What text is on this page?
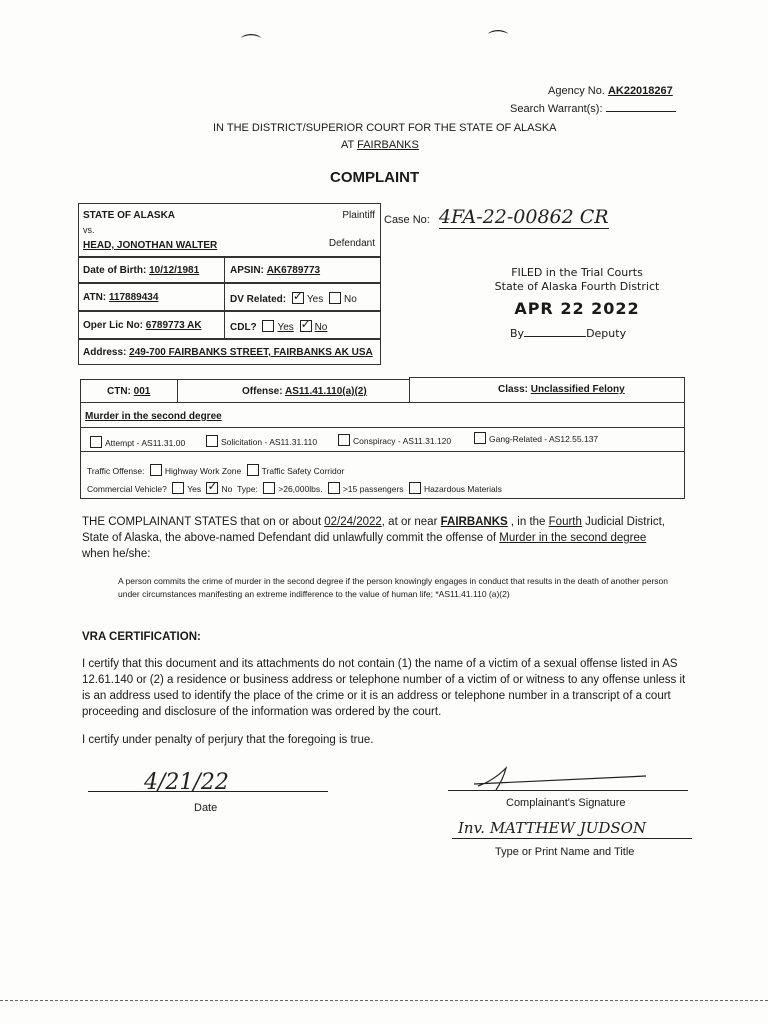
⌒	⌒
Agency No. AK22018267
Search Warrant(s):
IN THE DISTRICT/SUPERIOR COURT FOR THE STATE OF ALASKA
AT FAIRBANKS
COMPLAINT
STATE OF ALASKA	Plaintiff
vs.
HEAD, JONOTHAN WALTER	Defendant
Case No: 4FA-22-00862 CR
Date of Birth: 10/12/1981	APSIN: AK6789773
ATN: 117889434	DV Related: ✓ Yes No
Oper Lic No: 6789773 AK	CDL? Yes ✓ No
Address: 249-700 FAIRBANKS STREET, FAIRBANKS AK USA
FILED in the Trial Courts
State of Alaska Fourth District
APR 22 2022
By	Deputy
CTN: 001	Offense: AS11.41.110(a)(2)	Class: Unclassified Felony
Murder in the second degree
Attempt - AS11.31.00	Solicitation - AS11.31.110	Conspiracy - AS11.31.120	Gang-Related - AS12.55.137
Traffic Offense: Highway Work Zone Traffic Safety Corridor
Commercial Vehicle? Yes ✓ No Type: >26,000lbs. >15 passengers Hazardous Materials
THE COMPLAINANT STATES that on or about 02/24/2022, at or near FAIRBANKS , in the Fourth Judicial District,
State of Alaska, the above-named Defendant did unlawfully commit the offense of Murder in the second degree
when he/she:
A person commits the crime of murder in the second degree if the person knowingly engages in conduct that results in the death of another person under circumstances manifesting an extreme indifference to the value of human life; *AS11.41.110 (a)(2)
VRA CERTIFICATION:
I certify that this document and its attachments do not contain (1) the name of a victim of a sexual offense listed in AS 12.61.140 or (2) a residence or business address or telephone number of a victim of or witness to any offense unless it is an address used to identify the place of the crime or it is an address or telephone number in a transcript of a court proceeding and disclosure of the information was ordered by the court.
I certify under penalty of perjury that the foregoing is true.
4/21/22
Date	Complainant's Signature
Inv. MATTHEW JUDSON
Type or Print Name and Title
